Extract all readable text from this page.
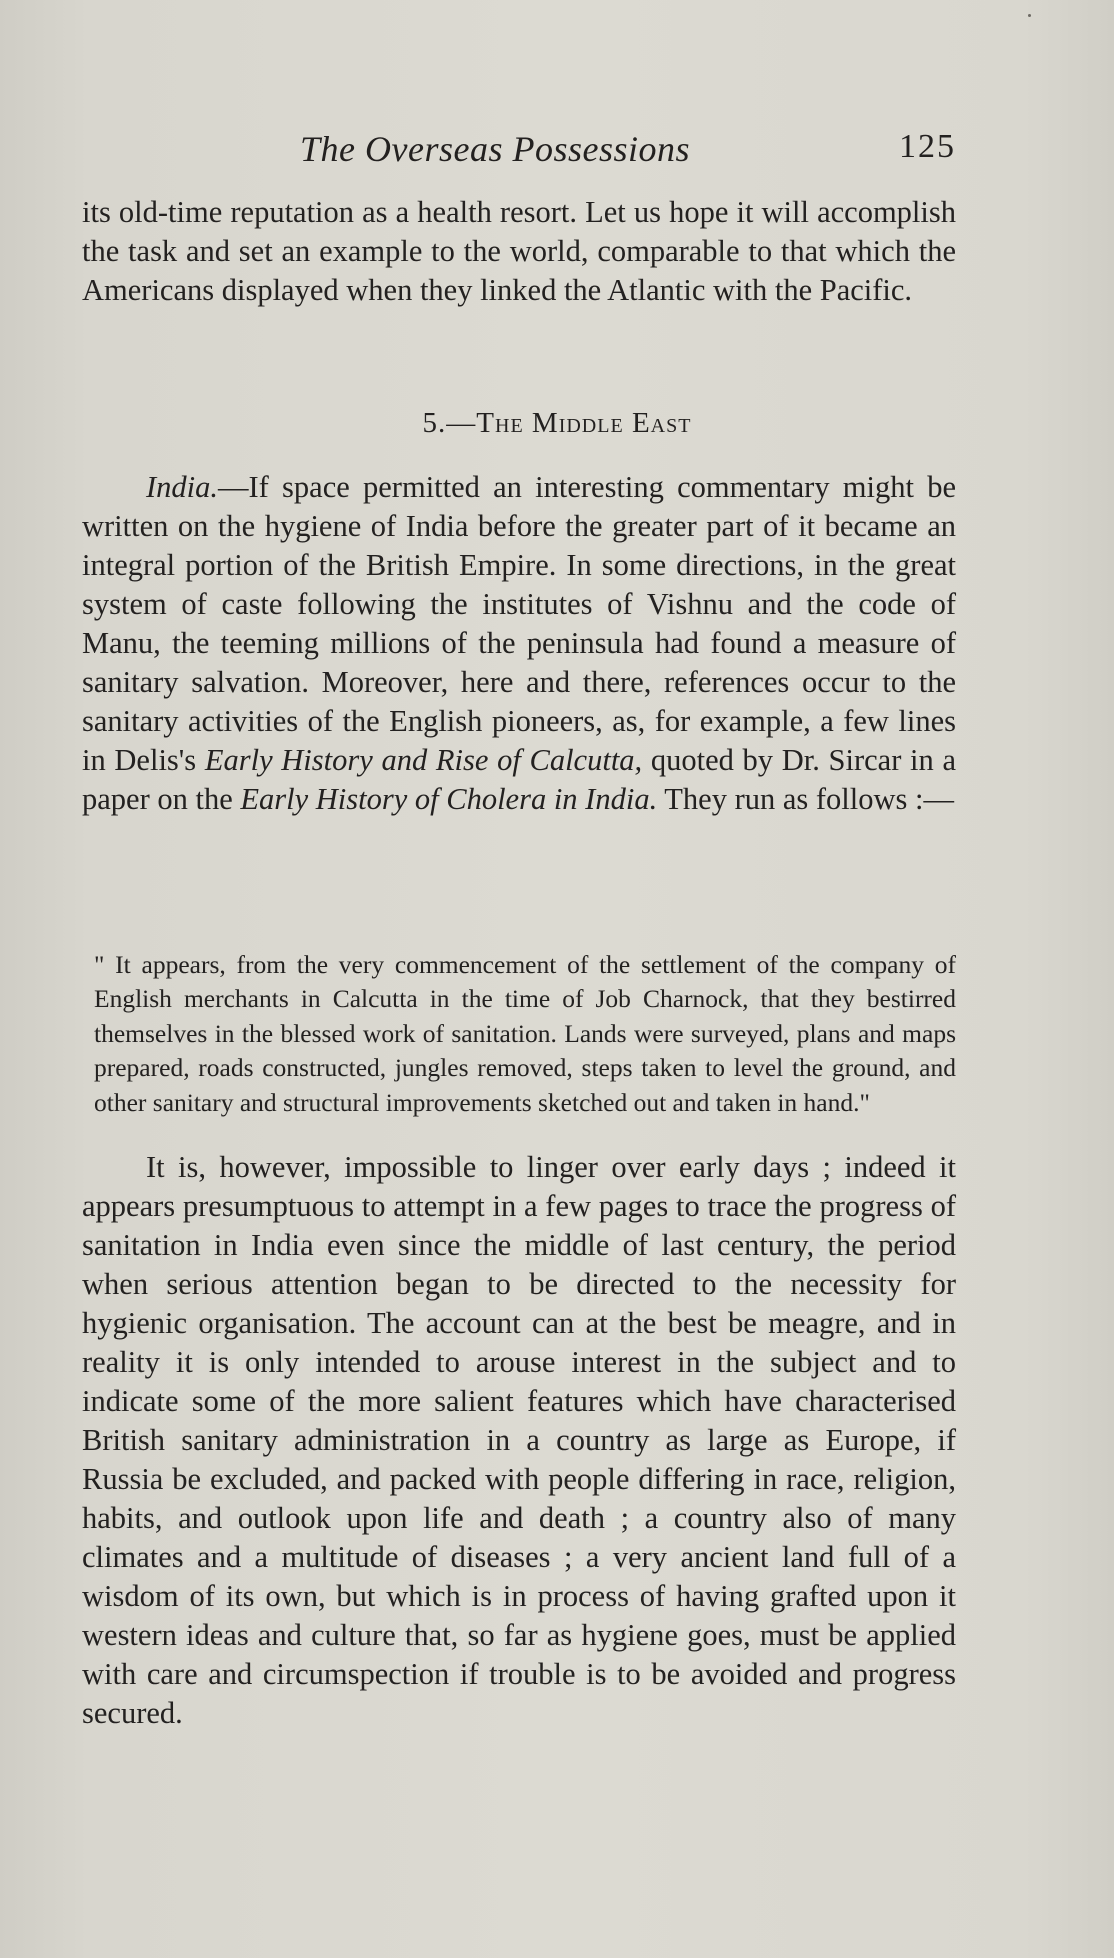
The Overseas Possessions	125
its old-time reputation as a health resort. Let us hope it will accomplish the task and set an example to the world, comparable to that which the Americans displayed when they linked the Atlantic with the Pacific.
5.—The Middle East
India.—If space permitted an interesting commentary might be written on the hygiene of India before the greater part of it became an integral portion of the British Empire. In some directions, in the great system of caste following the institutes of Vishnu and the code of Manu, the teeming millions of the peninsula had found a measure of sanitary salvation. Moreover, here and there, references occur to the sanitary activities of the English pioneers, as, for example, a few lines in Delis's Early History and Rise of Calcutta, quoted by Dr. Sircar in a paper on the Early History of Cholera in India. They run as follows :—
" It appears, from the very commencement of the settlement of the company of English merchants in Calcutta in the time of Job Charnock, that they bestirred themselves in the blessed work of sanitation. Lands were surveyed, plans and maps prepared, roads constructed, jungles removed, steps taken to level the ground, and other sanitary and structural improvements sketched out and taken in hand."
It is, however, impossible to linger over early days ; indeed it appears presumptuous to attempt in a few pages to trace the progress of sanitation in India even since the middle of last century, the period when serious attention began to be directed to the necessity for hygienic organisation. The account can at the best be meagre, and in reality it is only intended to arouse interest in the subject and to indicate some of the more salient features which have characterised British sanitary administration in a country as large as Europe, if Russia be excluded, and packed with people differing in race, religion, habits, and outlook upon life and death ; a country also of many climates and a multitude of diseases ; a very ancient land full of a wisdom of its own, but which is in process of having grafted upon it western ideas and culture that, so far as hygiene goes, must be applied with care and circumspection if trouble is to be avoided and progress secured.
